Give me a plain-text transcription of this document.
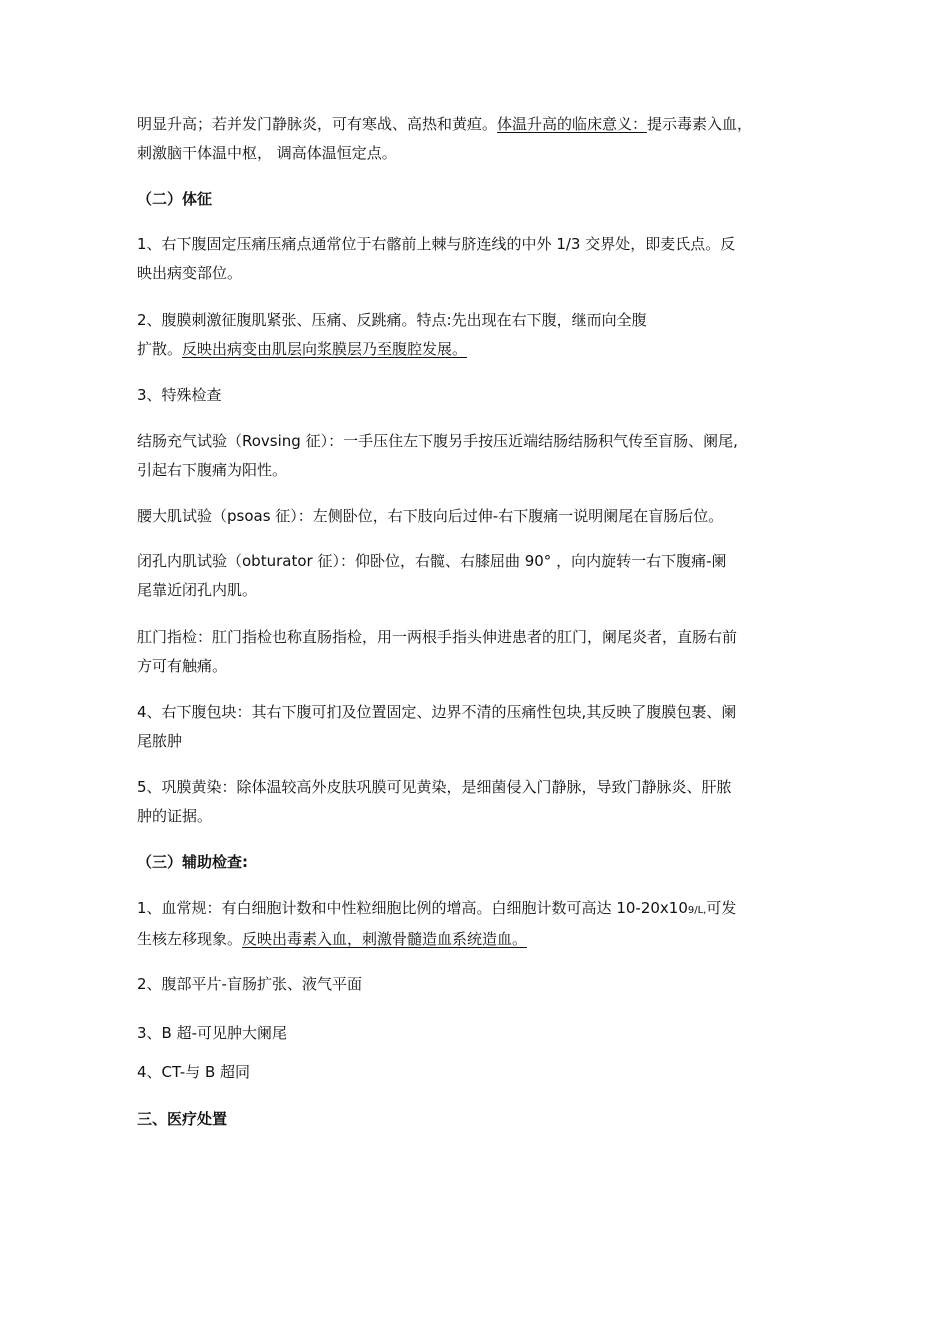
明显升高；若并发门静脉炎，可有寒战、高热和黄疸。体温升高的临床意义：提示毒素入血，
刺激脑干体温中枢， 调高体温恒定点。

（二）体征

1、右下腹固定压痛压痛点通常位于右髂前上棘与脐连线的中外 1/3 交界处，即麦氏点。反
映出病变部位。

2、腹膜刺激征腹肌紧张、压痛、反跳痛。特点:先出现在右下腹，继而向全腹
扩散。反映出病变由肌层向浆膜层乃至腹腔发展。

3、特殊检查

结肠充气试验（Rovsing 征）：一手压住左下腹另手按压近端结肠结肠积气传至盲肠、阑尾,
引起右下腹痛为阳性。

腰大肌试验（psoas 征）：左侧卧位，右下肢向后过伸-右下腹痛一说明阑尾在盲肠后位。

闭孔内肌试验（obturator 征）：仰卧位，右髋、右膝屈曲 90° ，向内旋转一右下腹痛-阑
尾靠近闭孔内肌。

肛门指检：肛门指检也称直肠指检，用一两根手指头伸进患者的肛门，阑尾炎者，直肠右前
方可有触痛。

4、右下腹包块：其右下腹可扪及位置固定、边界不清的压痛性包块,其反映了腹膜包裹、阑
尾脓肿

5、巩膜黄染：除体温较高外皮肤巩膜可见黄染，是细菌侵入门静脉，导致门静脉炎、肝脓
肿的证据。

（三）辅助检查:

1、血常规：有白细胞计数和中性粒细胞比例的增高。白细胞计数可高达 10-20x109/L,可发
生核左移现象。反映出毒素入血，刺激骨髓造血系统造血。

2、腹部平片-盲肠扩张、液气平面

3、B 超-可见肿大阑尾

4、CT-与 B 超同

三、医疗处置
